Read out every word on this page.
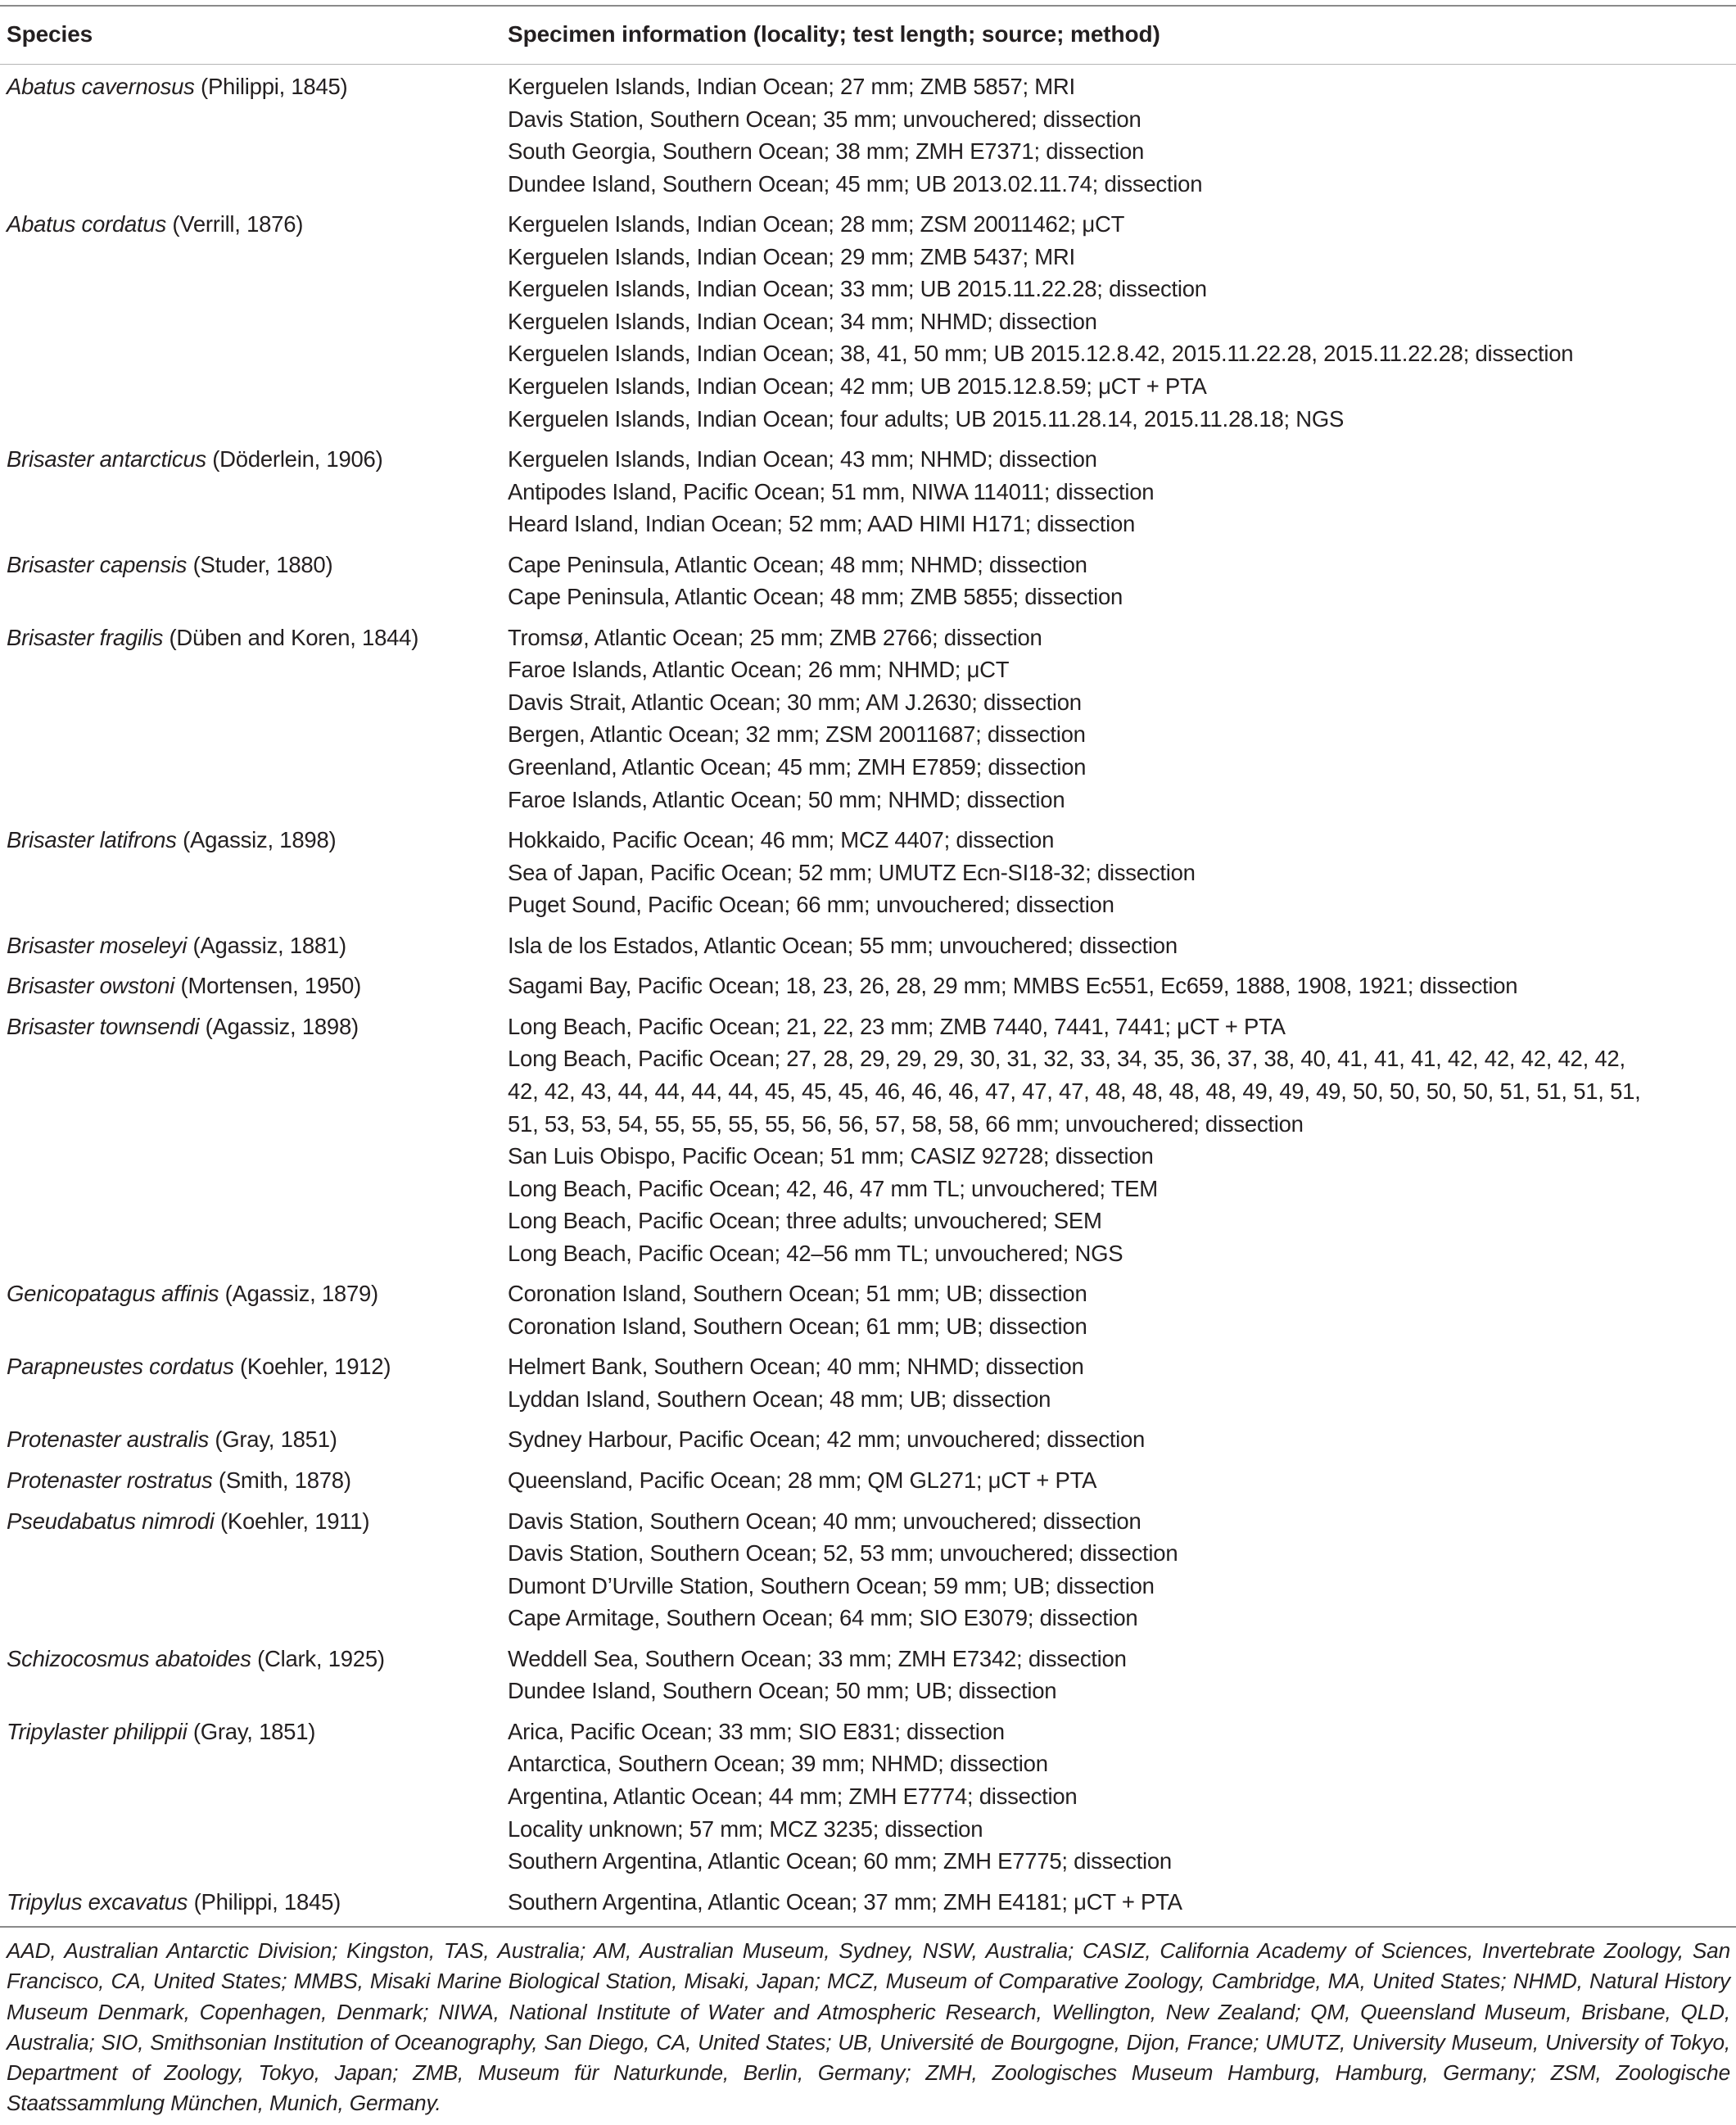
Species	Specimen information (locality; test length; source; method)
Abatus cavernosus (Philippi, 1845)	Kerguelen Islands, Indian Ocean; 27 mm; ZMB 5857; MRI
Davis Station, Southern Ocean; 35 mm; unvouchered; dissection
South Georgia, Southern Ocean; 38 mm; ZMH E7371; dissection
Dundee Island, Southern Ocean; 45 mm; UB 2013.02.11.74; dissection
Abatus cordatus (Verrill, 1876)	Kerguelen Islands, Indian Ocean; 28 mm; ZSM 20011462; μCT
Kerguelen Islands, Indian Ocean; 29 mm; ZMB 5437; MRI
Kerguelen Islands, Indian Ocean; 33 mm; UB 2015.11.22.28; dissection
Kerguelen Islands, Indian Ocean; 34 mm; NHMD; dissection
Kerguelen Islands, Indian Ocean; 38, 41, 50 mm; UB 2015.12.8.42, 2015.11.22.28, 2015.11.22.28; dissection
Kerguelen Islands, Indian Ocean; 42 mm; UB 2015.12.8.59; μCT + PTA
Kerguelen Islands, Indian Ocean; four adults; UB 2015.11.28.14, 2015.11.28.18; NGS
Brisaster antarcticus (Döderlein, 1906)	Kerguelen Islands, Indian Ocean; 43 mm; NHMD; dissection
Antipodes Island, Pacific Ocean; 51 mm, NIWA 114011; dissection
Heard Island, Indian Ocean; 52 mm; AAD HIMI H171; dissection
Brisaster capensis (Studer, 1880)	Cape Peninsula, Atlantic Ocean; 48 mm; NHMD; dissection
Cape Peninsula, Atlantic Ocean; 48 mm; ZMB 5855; dissection
Brisaster fragilis (Düben and Koren, 1844)	Tromsø, Atlantic Ocean; 25 mm; ZMB 2766; dissection
Faroe Islands, Atlantic Ocean; 26 mm; NHMD; μCT
Davis Strait, Atlantic Ocean; 30 mm; AM J.2630; dissection
Bergen, Atlantic Ocean; 32 mm; ZSM 20011687; dissection
Greenland, Atlantic Ocean; 45 mm; ZMH E7859; dissection
Faroe Islands, Atlantic Ocean; 50 mm; NHMD; dissection
Brisaster latifrons (Agassiz, 1898)	Hokkaido, Pacific Ocean; 46 mm; MCZ 4407; dissection
Sea of Japan, Pacific Ocean; 52 mm; UMUTZ Ecn-SI18-32; dissection
Puget Sound, Pacific Ocean; 66 mm; unvouchered; dissection
Brisaster moseleyi (Agassiz, 1881)	Isla de los Estados, Atlantic Ocean; 55 mm; unvouchered; dissection
Brisaster owstoni (Mortensen, 1950)	Sagami Bay, Pacific Ocean; 18, 23, 26, 28, 29 mm; MMBS Ec551, Ec659, 1888, 1908, 1921; dissection
Brisaster townsendi (Agassiz, 1898)	Long Beach, Pacific Ocean; 21, 22, 23 mm; ZMB 7440, 7441, 7441; μCT + PTA
Long Beach, Pacific Ocean; 27, 28, 29, 29, 29, 30, 31, 32, 33, 34, 35, 36, 37, 38, 40, 41, 41, 41, 42, 42, 42, 42, 42,
42, 42, 43, 44, 44, 44, 44, 45, 45, 45, 46, 46, 46, 47, 47, 47, 48, 48, 48, 48, 49, 49, 49, 50, 50, 50, 50, 51, 51, 51, 51,
51, 53, 53, 54, 55, 55, 55, 55, 56, 56, 57, 58, 58, 66 mm; unvouchered; dissection
San Luis Obispo, Pacific Ocean; 51 mm; CASIZ 92728; dissection
Long Beach, Pacific Ocean; 42, 46, 47 mm TL; unvouchered; TEM
Long Beach, Pacific Ocean; three adults; unvouchered; SEM
Long Beach, Pacific Ocean; 42–56 mm TL; unvouchered; NGS
Genicopatagus affinis (Agassiz, 1879)	Coronation Island, Southern Ocean; 51 mm; UB; dissection
Coronation Island, Southern Ocean; 61 mm; UB; dissection
Parapneustes cordatus (Koehler, 1912)	Helmert Bank, Southern Ocean; 40 mm; NHMD; dissection
Lyddan Island, Southern Ocean; 48 mm; UB; dissection
Protenaster australis (Gray, 1851)	Sydney Harbour, Pacific Ocean; 42 mm; unvouchered; dissection
Protenaster rostratus (Smith, 1878)	Queensland, Pacific Ocean; 28 mm; QM GL271; μCT + PTA
Pseudabatus nimrodi (Koehler, 1911)	Davis Station, Southern Ocean; 40 mm; unvouchered; dissection
Davis Station, Southern Ocean; 52, 53 mm; unvouchered; dissection
Dumont D’Urville Station, Southern Ocean; 59 mm; UB; dissection
Cape Armitage, Southern Ocean; 64 mm; SIO E3079; dissection
Schizocosmus abatoides (Clark, 1925)	Weddell Sea, Southern Ocean; 33 mm; ZMH E7342; dissection
Dundee Island, Southern Ocean; 50 mm; UB; dissection
Tripylaster philippii (Gray, 1851)	Arica, Pacific Ocean; 33 mm; SIO E831; dissection
Antarctica, Southern Ocean; 39 mm; NHMD; dissection
Argentina, Atlantic Ocean; 44 mm; ZMH E7774; dissection
Locality unknown; 57 mm; MCZ 3235; dissection
Southern Argentina, Atlantic Ocean; 60 mm; ZMH E7775; dissection
Tripylus excavatus (Philippi, 1845)	Southern Argentina, Atlantic Ocean; 37 mm; ZMH E4181; μCT + PTA
AAD, Australian Antarctic Division; Kingston, TAS, Australia; AM, Australian Museum, Sydney, NSW, Australia; CASIZ, California Academy of Sciences, Invertebrate Zoology, San Francisco, CA, United States; MMBS, Misaki Marine Biological Station, Misaki, Japan; MCZ, Museum of Comparative Zoology, Cambridge, MA, United States; NHMD, Natural History Museum Denmark, Copenhagen, Denmark; NIWA, National Institute of Water and Atmospheric Research, Wellington, New Zealand; QM, Queensland Museum, Brisbane, QLD, Australia; SIO, Smithsonian Institution of Oceanography, San Diego, CA, United States; UB, Université de Bourgogne, Dijon, France; UMUTZ, University Museum, University of Tokyo, Department of Zoology, Tokyo, Japan; ZMB, Museum für Naturkunde, Berlin, Germany; ZMH, Zoologisches Museum Hamburg, Hamburg, Germany; ZSM, Zoologische Staatssammlung München, Munich, Germany.
